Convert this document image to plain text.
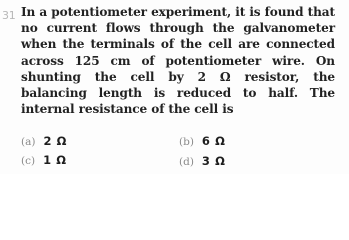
31 In a potentiometer experiment, it is found that no current flows through the galvanometer when the terminals of the cell are connected across 125 cm of potentiometer wire. On shunting the cell by 2 Ω resistor, the balancing length is reduced to half. The internal resistance of the cell is

(a) 2 Ω	(b) 6 Ω
(c) 1 Ω	(d) 3 Ω
